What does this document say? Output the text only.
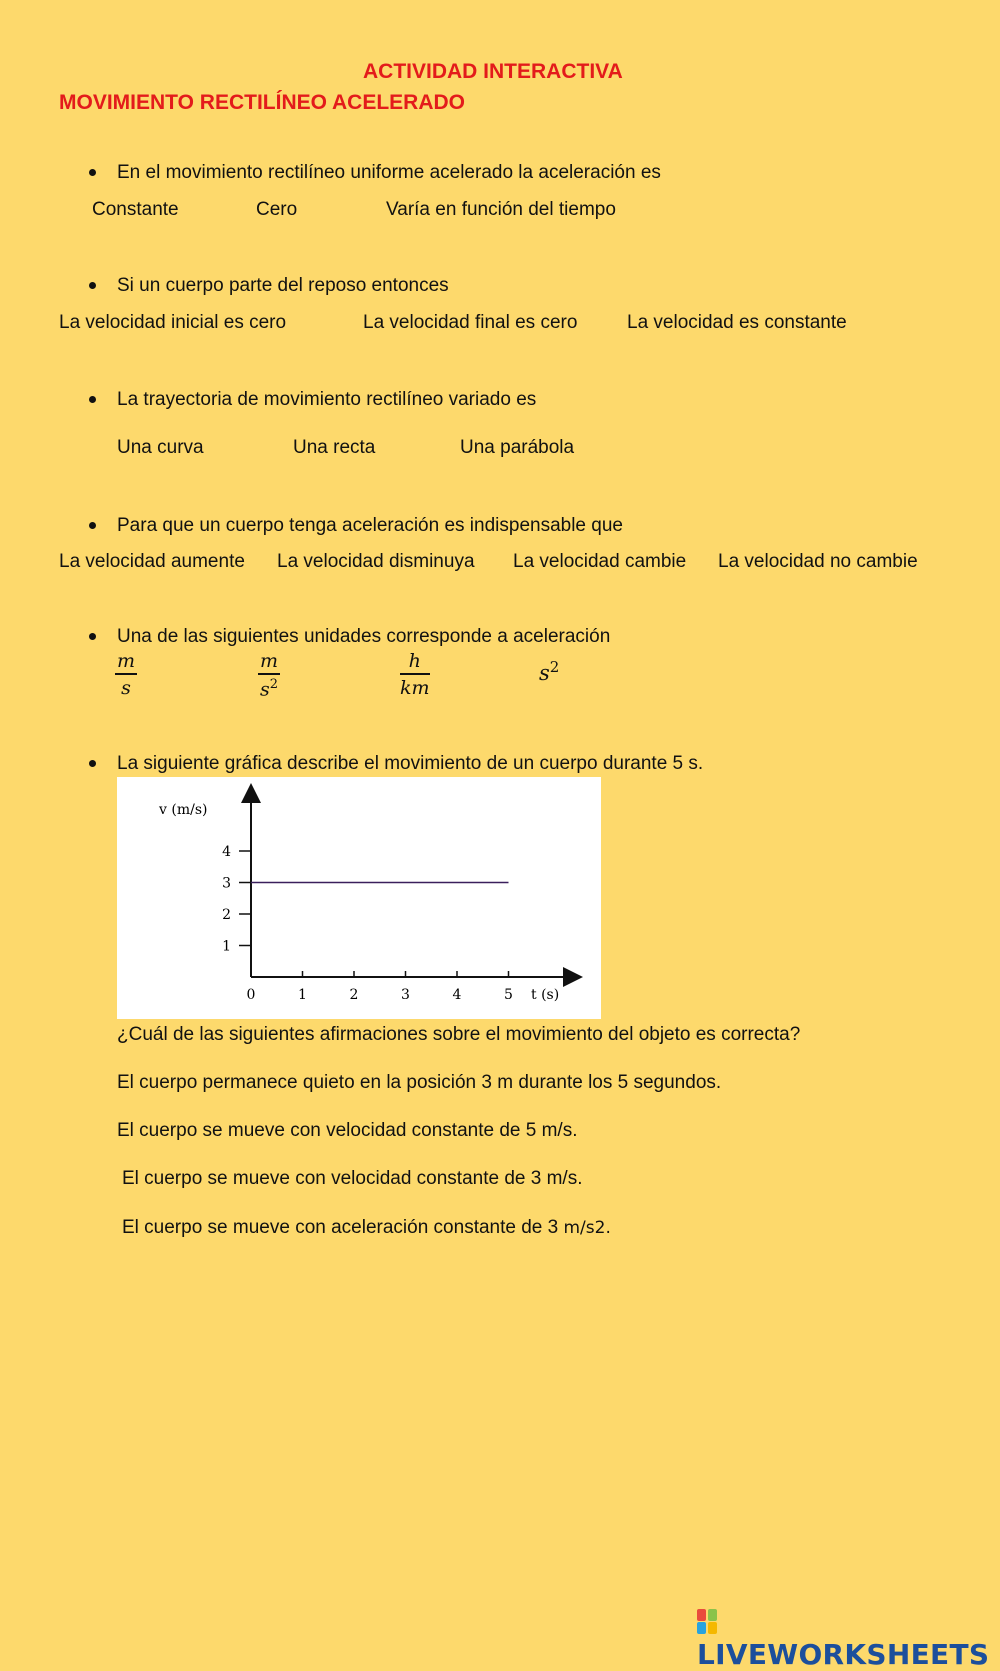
ACTIVIDAD INTERACTIVA
MOVIMIENTO RECTILÍNEO ACELERADO
En el movimiento rectilíneo uniforme acelerado la aceleración es
Constante	Cero	Varía en función del tiempo
Si un cuerpo parte del reposo entonces
La velocidad inicial es cero	La velocidad final es cero	La velocidad es constante
La trayectoria de movimiento rectilíneo variado es
Una curva	Una recta	Una parábola
Para que un cuerpo tenga aceleración es indispensable que
La velocidad aumente La velocidad disminuya La velocidad cambie La velocidad no cambie
Una de las siguientes unidades corresponde a aceleración
m
s
m
$s^2$
h
km
$s^2$
La siguiente gráfica describe el movimiento de un cuerpo durante 5 s.
v (m/s)
t (s)
0	1	2	3	4	5
1
2
3
4
¿Cuál de las siguientes afirmaciones sobre el movimiento del objeto es correcta?
El cuerpo permanece quieto en la posición 3 m durante los 5 segundos.
El cuerpo se mueve con velocidad constante de 5 m/s.
El cuerpo se mueve con velocidad constante de 3 m/s.
El cuerpo se mueve con aceleración constante de 3 m/s2.
LIVEWORKSHEETS
